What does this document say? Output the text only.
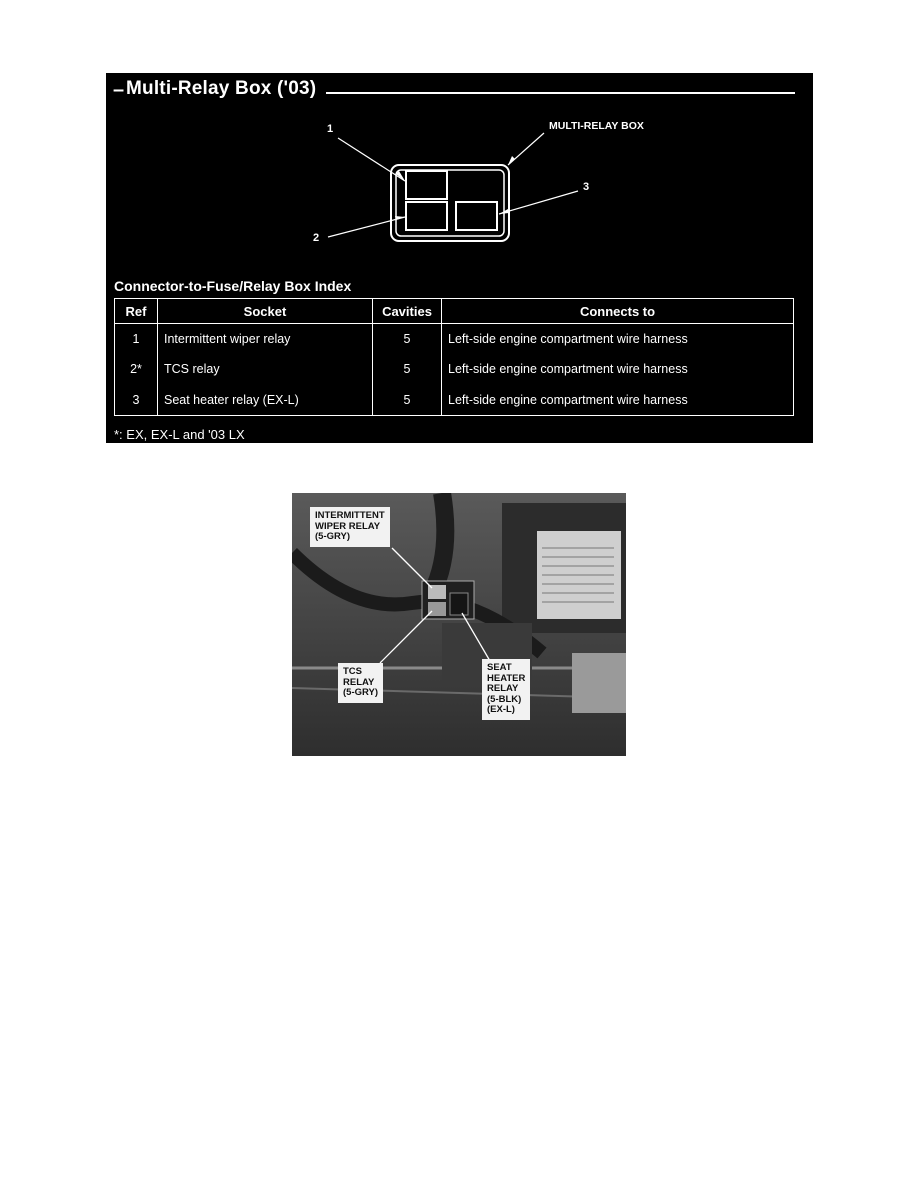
– Multi-Relay Box ('03)
1
2
3
MULTI-RELAY BOX
Connector-to-Fuse/Relay Box Index
Ref	Socket	Cavities	Connects to
1	Intermittent wiper relay	5	Left-side engine compartment wire harness
2*	TCS relay	5	Left-side engine compartment wire harness
3	Seat heater relay (EX-L)	5	Left-side engine compartment wire harness
*: EX, EX-L and '03 LX
INTERMITTENT
WIPER RELAY
(5-GRY)
TCS
RELAY
(5-GRY)
SEAT
HEATER
RELAY
(5-BLK)
(EX-L)
